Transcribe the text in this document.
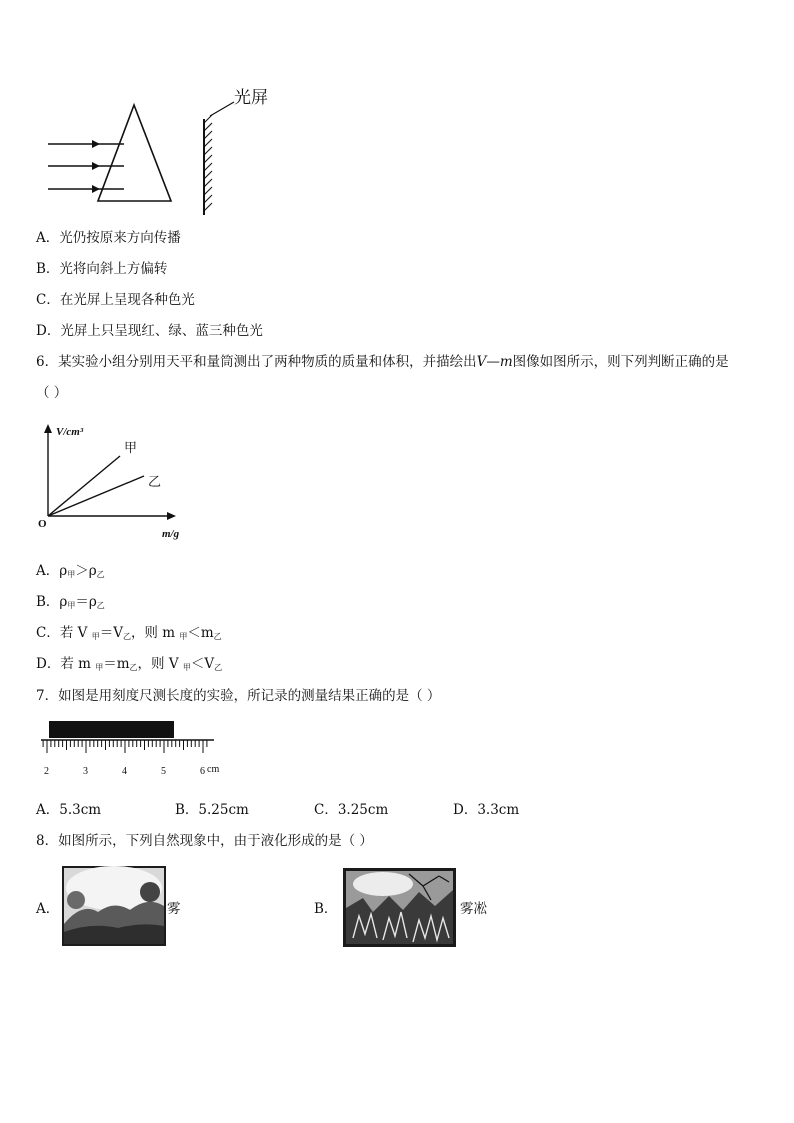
光屏
A．光仍按原来方向传播
B．光将向斜上方偏转
C．在光屏上呈现各种色光
D．光屏上只呈现红、绿、蓝三种色光
6．某实验小组分别用天平和量筒测出了两种物质的质量和体积，并描绘出V—m图像如图所示，则下列判断正确的是
（ ）
V/cm³
m/g
O
甲
乙
A．$\rho_甲>\rho_乙$
B．$\rho_甲=\rho_乙$
C．若 V $_甲=V_乙$，则 m $_甲<m_乙$
D．若 m $_甲=m_乙$，则 V $_甲<V_乙$
7．如图是用刻度尺测长度的实验，所记录的测量结果正确的是（ ）
2	3	4	5	6 cm
A．5.3cm	B．5.25cm	C．3.25cm	D．3.3cm
8．如图所示，下列自然现象中，由于液化形成的是（ ）
A．	雾	B．	雾凇
